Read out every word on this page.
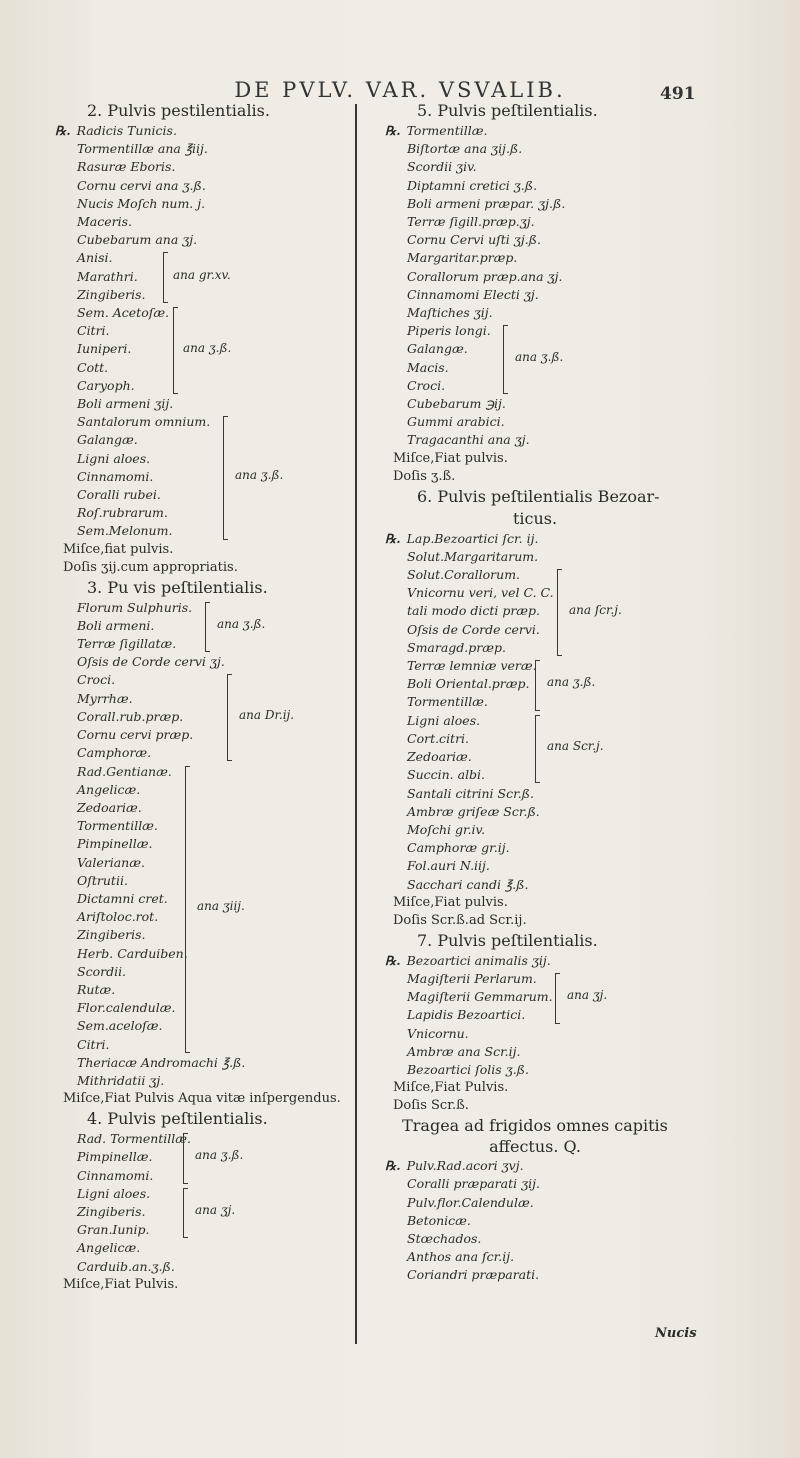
DE PVLV. VAR. VSVALIB.	491
2. Pulvis pestilentialis.
℞. Radicis Tunicis.
Tormentillæ ana ℥iij.
Rasuræ Eboris.
Cornu cervi ana ʒ.ß.
Nucis Moſch num. j.
Maceris.
Cubebarum ana ʒj.
Anisi.
Marathri.
Zingiberis.
ana gr.xv.
Sem. Acetoſæ.
Citri.
Iuniperi.
Cott.
Caryoph.
ana ʒ.ß.
Boli armeni ʒij.
Santalorum omnium.
Galangæ.
Ligni aloes.
Cinnamomi.
Coralli rubei.
Roſ.rubrarum.
Sem.Melonum.
ana ʒ.ß.
Miſce,fiat pulvis.
Doſis ʒij.cum appropriatis.
3. Pu vis peſtilentialis.
Florum Sulphuris.
Boli armeni.
Terræ ſigillatæ.
ana ʒ.ß.
Oſsis de Corde cervi ʒj.
Croci.
Myrrhæ.
Corall.rub.præp.
Cornu cervi præp.
Camphoræ.
ana Dr.ij.
Rad.Gentianæ.
Angelicæ.
Zedoariæ.
Tormentillæ.
Pimpinellæ.
Valerianæ.
Oſtrutii.
Dictamni cret.
Ariſtoloc.rot.
Zingiberis.
Herb. Carduiben.
Scordii.
Rutæ.
Flor.calendulæ.
Sem.aceloſæ.
Citri.
ana ʒiij.
Theriacæ Andromachi ℥.ß.
Mithridatii ʒj.
Miſce,Fiat Pulvis Aqua vitæ inſpergendus.
4. Pulvis peſtilentialis.
Rad. Tormentillæ.
Pimpinellæ.
Cinnamomi.
ana ʒ.ß.
Ligni aloes.
Zingiberis.
Gran.Iunip.
ana ʒj.
Angelicæ.
Carduib.an.ʒ.ß.
Miſce,Fiat Pulvis.
5. Pulvis peſtilentialis.
℞. Tormentillæ.
Biſtortæ ana ʒij.ß.
Scordii ʒiv.
Diptamni cretici ʒ.ß.
Boli armeni præpar. ʒj.ß.
Terræ ſigill.præp.ʒj.
Cornu Cervi uſti ʒj.ß.
Margaritar.præp.
Corallorum præp.ana ʒj.
Cinnamomi Electi ʒj.
Maſtiches ʒij.
Piperis longi.
Galangæ.
Macis.
Croci.
ana ʒ.ß.
Cubebarum ℈ij.
Gummi arabici.
Tragacanthi ana ʒj.
Miſce,Fiat pulvis.
Doſis ʒ.ß.
6. Pulvis peſtilentialis Bezoar-
ticus.
℞. Lap.Bezoartici ſcr. ij.
Solut.Margaritarum.
Solut.Corallorum.
Vnicornu veri, vel C. C.
tali modo dicti præp.
Oſsis de Corde cervi.
Smaragd.præp.
ana ſcr.j.
Terræ lemniæ veræ.
Boli Oriental.præp.
Tormentillæ.
ana ʒ.ß.
Ligni aloes.
Cort.citri.
Zedoariæ.
Succin. albi.
ana Scr.j.
Santali citrini Scr.ß.
Ambræ griſeæ Scr.ß.
Moſchi gr.iv.
Camphoræ gr.ij.
Fol.auri N.iij.
Sacchari candi ℥.ß.
Miſce,Fiat pulvis.
Doſis Scr.ß.ad Scr.ij.
7. Pulvis peſtilentialis.
℞. Bezoartici animalis ʒij.
Magiſterii Perlarum.
Magiſterii Gemmarum.
Lapidis Bezoartici.
ana ʒj.
Vnicornu.
Ambræ ana Scr.ij.
Bezoartici ſolis ʒ.ß.
Miſce,Fiat Pulvis.
Doſis Scr.ß.
Tragea ad frigidos omnes capitis
affectus. Q.
℞. Pulv.Rad.acori ʒvj.
Coralli præparati ʒij.
Pulv.flor.Calendulæ.
Betonicæ.
Stœchados.
Anthos ana ſcr.ij.
Coriandri præparati.
Nucis
